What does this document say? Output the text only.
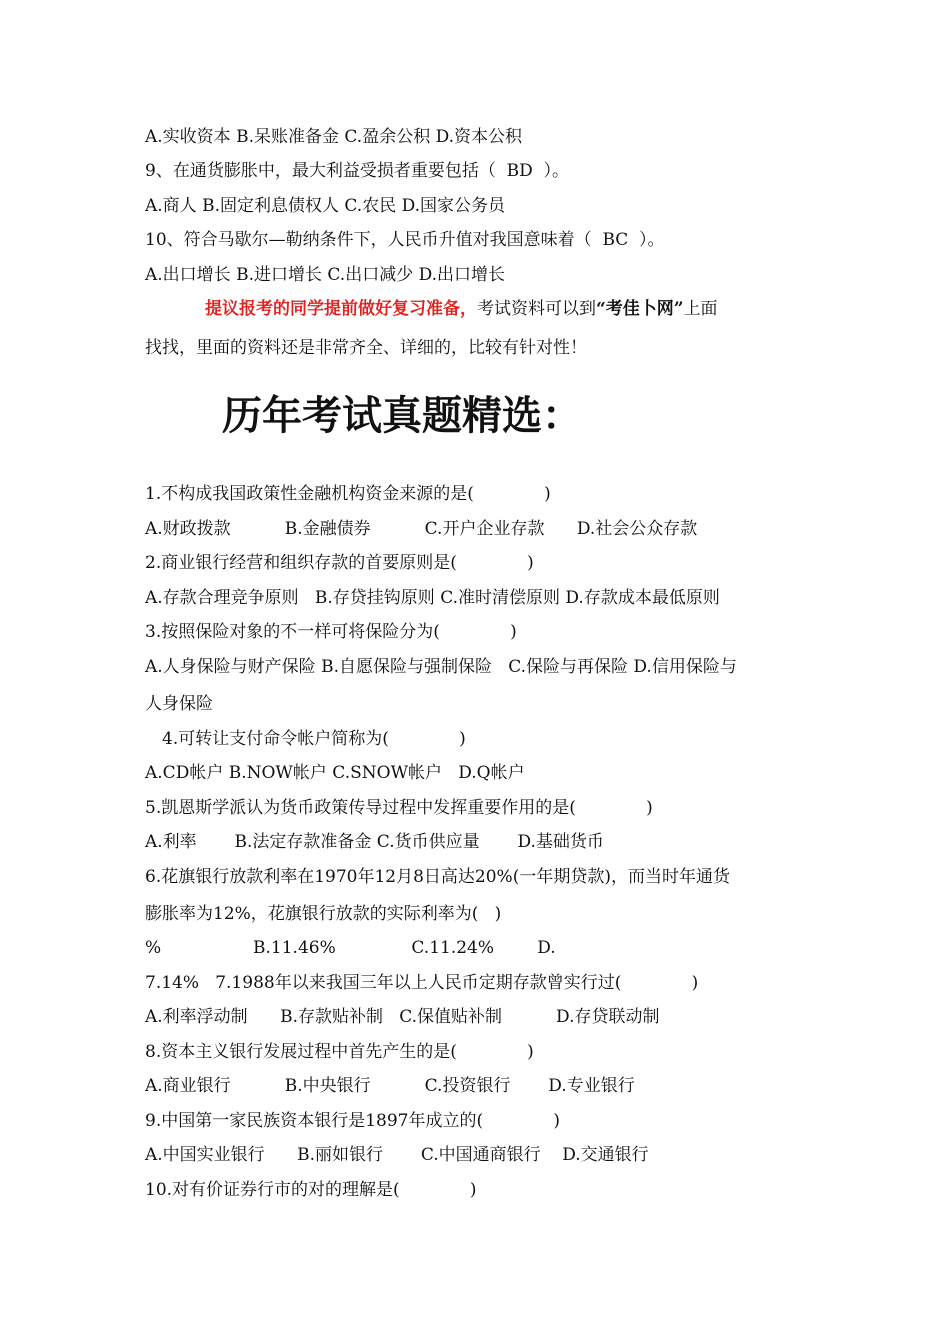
A.实收资本 B.呆账准备金 C.盈余公积 D.资本公积
9、在通货膨胀中，最大利益受损者重要包括（  BD  ）。
A.商人 B.固定利息债权人 C.农民 D.国家公务员
10、符合马歇尔—勒纳条件下，人民币升值对我国意味着（  BC  ）。
A.出口增长 B.进口增长 C.出口减少 D.出口增长
提议报考的同学提前做好复习准备，考试资料可以到“考佳卜网”上面
找找，里面的资料还是非常齐全、详细的，比较有针对性！
历年考试真题精选：
1.不构成我国政策性金融机构资金来源的是(             )
A.财政拨款          B.金融债券          C.开户企业存款      D.社会公众存款
2.商业银行经营和组织存款的首要原则是(             )
A.存款合理竞争原则   B.存贷挂钩原则 C.准时清偿原则 D.存款成本最低原则
3.按照保险对象的不一样可将保险分为(             )
A.人身保险与财产保险 B.自愿保险与强制保险   C.保险与再保险 D.信用保险与
人身保险
4.可转让支付命令帐户简称为(             )
A.CD帐户 B.NOW帐户 C.SNOW帐户   D.Q帐户
5.凯恩斯学派认为货币政策传导过程中发挥重要作用的是(             )
A.利率       B.法定存款准备金 C.货币供应量       D.基础货币
6.花旗银行放款利率在1970年12月8日高达20%(一年期贷款)，而当时年通货
膨胀率为12%，花旗银行放款的实际利率为(   )
%                 B.11.46%              C.11.24%        D.
7.14%   7.1988年以来我国三年以上人民币定期存款曾实行过(             )
A.利率浮动制      B.存款贴补制   C.保值贴补制          D.存贷联动制
8.资本主义银行发展过程中首先产生的是(             )
A.商业银行          B.中央银行          C.投资银行       D.专业银行
9.中国第一家民族资本银行是1897年成立的(             )
A.中国实业银行      B.丽如银行       C.中国通商银行    D.交通银行
10.对有价证券行市的对的理解是(             )
